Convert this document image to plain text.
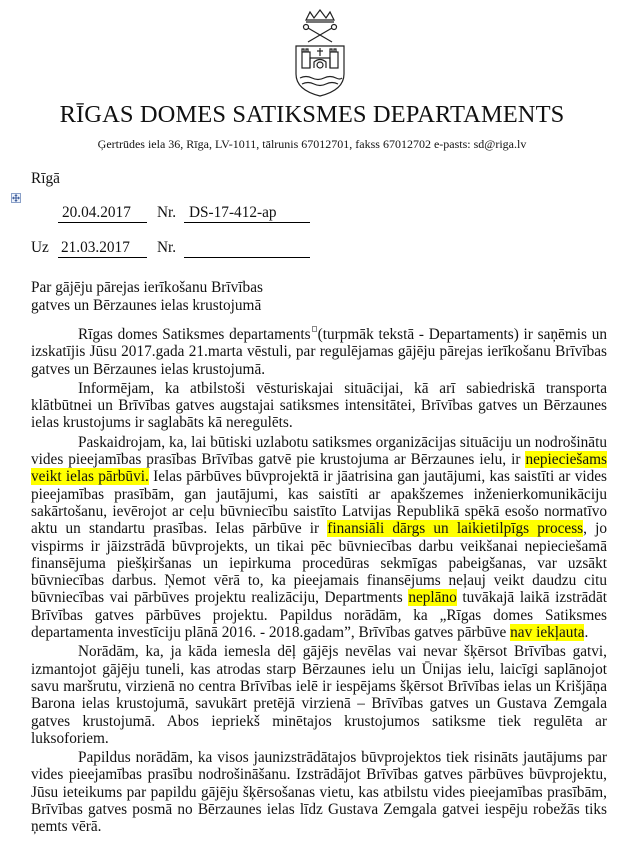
RĪGAS DOMES SATIKSMES DEPARTAMENTS
Ģertrūdes iela 36, Rīga, LV-1011, tālrunis 67012701, fakss 67012702 e-pasts: sd@riga.lv
Rīgā
20.04.2017 Nr. DS-17-412-ap
Uz 21.03.2017 Nr.
Par gājēju pārejas ierīkošanu Brīvības
gatves un Bērzaunes ielas krustojumā

Rīgas domes Satiksmes departaments (turpmāk tekstā - Departaments) ir saņēmis un izskatījis Jūsu 2017.gada 21.marta vēstuli, par regulējamas gājēju pārejas ierīkošanu Brīvības gatves un Bērzaunes ielas krustojumā.

Informējam, ka atbilstoši vēsturiskajai situācijai, kā arī sabiedriskā transporta klātbūtnei un Brīvības gatves augstajai satiksmes intensitātei, Brīvības gatves un Bērzaunes ielas krustojums ir saglabāts kā neregulēts.

Paskaidrojam, ka, lai būtiski uzlabotu satiksmes organizācijas situāciju un nodrošinātu vides pieejamības prasības Brīvības gatvē pie krustojuma ar Bērzaunes ielu, ir nepieciešams veikt ielas pārbūvi. Ielas pārbūves būvprojektā ir jāatrisina gan jautājumi, kas saistīti ar vides pieejamības prasībām, gan jautājumi, kas saistīti ar apakšzemes inženierkomunikāciju sakārtošanu, ievērojot ar ceļu būvniecību saistīto Latvijas Republikā spēkā esošo normatīvo aktu un standartu prasības. Ielas pārbūve ir finansiāli dārgs un laikietilpīgs process, jo vispirms ir jāizstrādā būvprojekts, un tikai pēc būvniecības darbu veikšanai nepieciešamā finansējuma piešķiršanas un iepirkuma procedūras sekmīgas pabeigšanas, var uzsākt būvniecības darbus. Ņemot vērā to, ka pieejamais finansējums neļauj veikt daudzu citu būvniecības vai pārbūves projektu realizāciju, Departments neplāno tuvākajā laikā izstrādāt Brīvības gatves pārbūves projektu. Papildus norādām, ka „Rīgas domes Satiksmes departamenta investīciju plānā 2016. - 2018.gadam”, Brīvības gatves pārbūve nav iekļauta.

Norādām, ka, ja kāda iemesla dēļ gājējs nevēlas vai nevar šķērsot Brīvības gatvi, izmantojot gājēju tuneli, kas atrodas starp Bērzaunes ielu un Ūnijas ielu, laicīgi saplānojot savu maršrutu, virzienā no centra Brīvības ielē ir iespējams šķērsot Brīvības ielas un Krišjāņa Barona ielas krustojumā, savukārt pretējā virzienā – Brīvības gatves un Gustava Zemgala gatves krustojumā. Abos iepriekš minētajos krustojumos satiksme tiek regulēta ar luksoforiem.

Papildus norādām, ka visos jaunizstrādātajos būvprojektos tiek risināts jautājums par vides pieejamības prasību nodrošināšanu. Izstrādājot Brīvības gatves pārbūves būvprojektu, Jūsu ieteikums par papildu gājēju šķērsošanas vietu, kas atbilstu vides pieejamības prasībām, Brīvības gatves posmā no Bērzaunes ielas līdz Gustava Zemgala gatvei iespēju robežās tiks ņemts vērā.
